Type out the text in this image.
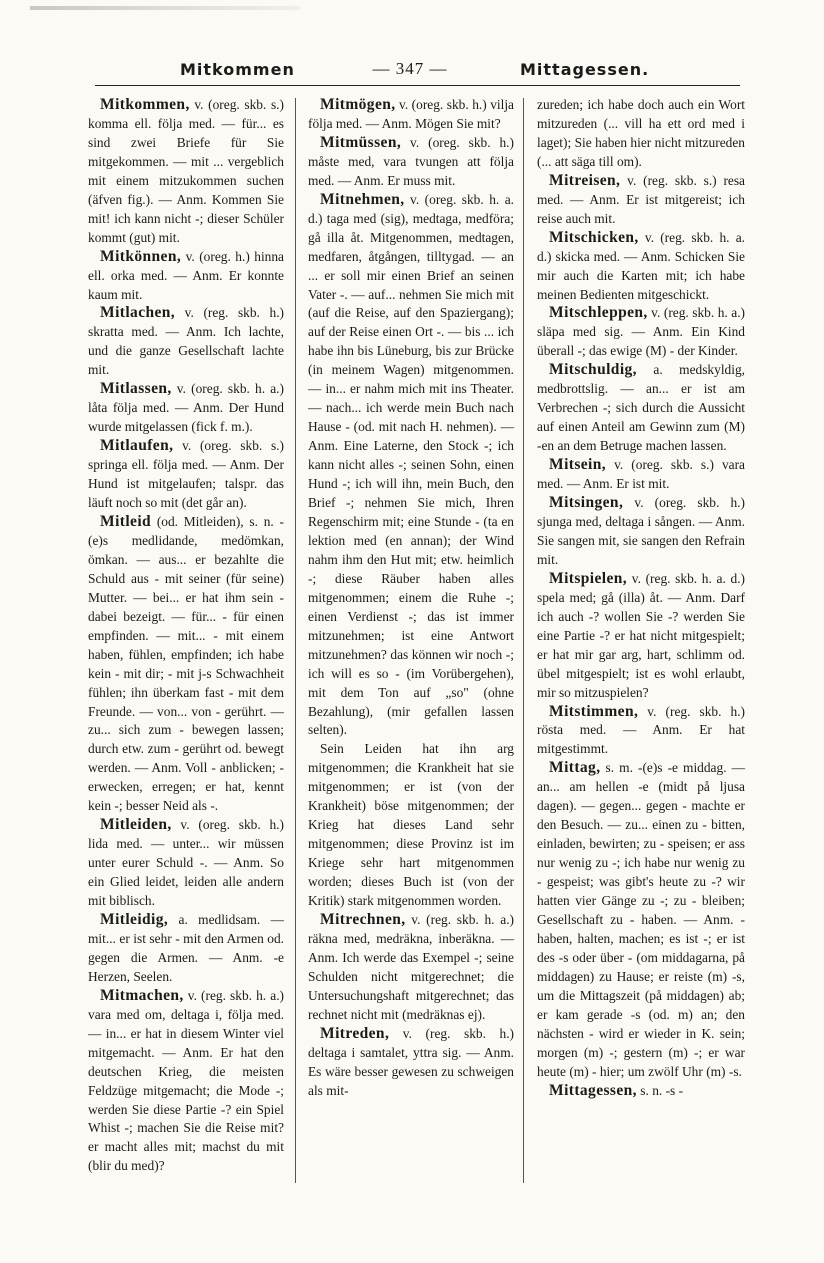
Mitkommen	— 347 —	Mittagessen.

Mitkommen, v. (oreg. skb. s.) komma ell. följa med. — für... es sind zwei Briefe für Sie mitgekommen. — mit ... vergeblich mit einem mitzukommen suchen (äfven fig.). — Anm. Kommen Sie mit! ich kann nicht -; dieser Schüler kommt (gut) mit.

Mitkönnen, v. (oreg. h.) hinna ell. orka med. — Anm. Er konnte kaum mit.

Mitlachen, v. (reg. skb. h.) skratta med. — Anm. Ich lachte, und die ganze Gesellschaft lachte mit.

Mitlassen, v. (oreg. skb. h. a.) låta följa med. — Anm. Der Hund wurde mitgelassen (fick f. m.).

Mitlaufen, v. (oreg. skb. s.) springa ell. följa med. — Anm. Der Hund ist mitgelaufen; talspr. das läuft noch so mit (det går an).

Mitleid (od. Mitleiden), s. n. -(e)s medlidande, medömkan, ömkan. — aus... er bezahlte die Schuld aus - mit seiner (für seine) Mutter. — bei... er hat ihm sein - dabei bezeigt. — für... - für einen empfinden. — mit... - mit einem haben, fühlen, empfinden; ich habe kein - mit dir; - mit j-s Schwachheit fühlen; ihn überkam fast - mit dem Freunde. — von... von - gerührt. — zu... sich zum - bewegen lassen; durch etw. zum - gerührt od. bewegt werden. — Anm. Voll - anblicken; - erwecken, erregen; er hat, kennt kein -; besser Neid als -.

Mitleiden, v. (oreg. skb. h.) lida med. — unter... wir müssen unter eurer Schuld -. — Anm. So ein Glied leidet, leiden alle andern mit biblisch.

Mitleidig, a. medlidsam. — mit... er ist sehr - mit den Armen od. gegen die Armen. — Anm. -e Herzen, Seelen.

Mitmachen, v. (reg. skb. h. a.) vara med om, deltaga i, följa med. — in... er hat in diesem Winter viel mitgemacht. — Anm. Er hat den deutschen Krieg, die meisten Feldzüge mitgemacht; die Mode -; werden Sie diese Partie -? ein Spiel Whist -; machen Sie die Reise mit? er macht alles mit; machst du mit (blir du med)?

Mitmögen, v. (oreg. skb. h.) vilja följa med. — Anm. Mögen Sie mit?

Mitmüssen, v. (oreg. skb. h.) måste med, vara tvungen att följa med. — Anm. Er muss mit.

Mitnehmen, v. (oreg. skb. h. a. d.) taga med (sig), medtaga, medföra; gå illa åt. Mitgenommen, medtagen, medfaren, åtgången, tilltygad. — an ... er soll mir einen Brief an seinen Vater -. — auf... nehmen Sie mich mit (auf die Reise, auf den Spaziergang); auf der Reise einen Ort -. — bis ... ich habe ihn bis Lüneburg, bis zur Brücke (in meinem Wagen) mitgenommen. — in... er nahm mich mit ins Theater. — nach... ich werde mein Buch nach Hause - (od. mit nach H. nehmen). — Anm. Eine Laterne, den Stock -; ich kann nicht alles -; seinen Sohn, einen Hund -; ich will ihn, mein Buch, den Brief -; nehmen Sie mich, Ihren Regenschirm mit; eine Stunde - (ta en lektion med (en annan); der Wind nahm ihm den Hut mit; etw. heimlich -; diese Räuber haben alles mitgenommen; einem die Ruhe -; einen Verdienst -; das ist immer mitzunehmen; ist eine Antwort mitzunehmen? das können wir noch -; ich will es so - (im Vorübergehen), mit dem Ton auf „so" (ohne Bezahlung), (mir gefallen lassen selten).

Sein Leiden hat ihn arg mitgenommen; die Krankheit hat sie mitgenommen; er ist (von der Krankheit) böse mitgenommen; der Krieg hat dieses Land sehr mitgenommen; diese Provinz ist im Kriege sehr hart mitgenommen worden; dieses Buch ist (von der Kritik) stark mitgenommen worden.

Mitrechnen, v. (reg. skb. h. a.) räkna med, medräkna, inberäkna. — Anm. Ich werde das Exempel -; seine Schulden nicht mitgerechnet; die Untersuchungshaft mitgerechnet; das rechnet nicht mit (medräknas ej).

Mitreden, v. (reg. skb. h.) deltaga i samtalet, yttra sig. — Anm. Es wäre besser gewesen zu schweigen als mit-

zureden; ich habe doch auch ein Wort mitzureden (... vill ha ett ord med i laget); Sie haben hier nicht mitzureden (... att säga till om).

Mitreisen, v. (reg. skb. s.) resa med. — Anm. Er ist mitgereist; ich reise auch mit.

Mitschicken, v. (reg. skb. h. a. d.) skicka med. — Anm. Schicken Sie mir auch die Karten mit; ich habe meinen Bedienten mitgeschickt.

Mitschleppen, v. (reg. skb. h. a.) släpa med sig. — Anm. Ein Kind überall -; das ewige (M) - der Kinder.

Mitschuldig, a. medskyldig, medbrottslig. — an... er ist am Verbrechen -; sich durch die Aussicht auf einen Anteil am Gewinn zum (M) -en an dem Betruge machen lassen.

Mitsein, v. (oreg. skb. s.) vara med. — Anm. Er ist mit.

Mitsingen, v. (oreg. skb. h.) sjunga med, deltaga i sången. — Anm. Sie sangen mit, sie sangen den Refrain mit.

Mitspielen, v. (reg. skb. h. a. d.) spela med; gå (illa) åt. — Anm. Darf ich auch -? wollen Sie -? werden Sie eine Partie -? er hat nicht mitgespielt; er hat mir gar arg, hart, schlimm od. übel mitgespielt; ist es wohl erlaubt, mir so mitzuspielen?

Mitstimmen, v. (reg. skb. h.) rösta med. — Anm. Er hat mitgestimmt.

Mittag, s. m. -(e)s -e middag. — an... am hellen -e (midt på ljusa dagen). — gegen... gegen - machte er den Besuch. — zu... einen zu - bitten, einladen, bewirten; zu - speisen; er ass nur wenig zu -; ich habe nur wenig zu - gespeist; was gibt's heute zu -? wir hatten vier Gänge zu -; zu - bleiben; Gesellschaft zu - haben. — Anm. - haben, halten, machen; es ist -; er ist des -s oder über - (om middagarna, på middagen) zu Hause; er reiste (m) -s, um die Mittagszeit (på middagen) ab; er kam gerade -s (od. m) an; den nächsten - wird er wieder in K. sein; morgen (m) -; gestern (m) -; er war heute (m) - hier; um zwölf Uhr (m) -s.

Mittagessen, s. n. -s -
